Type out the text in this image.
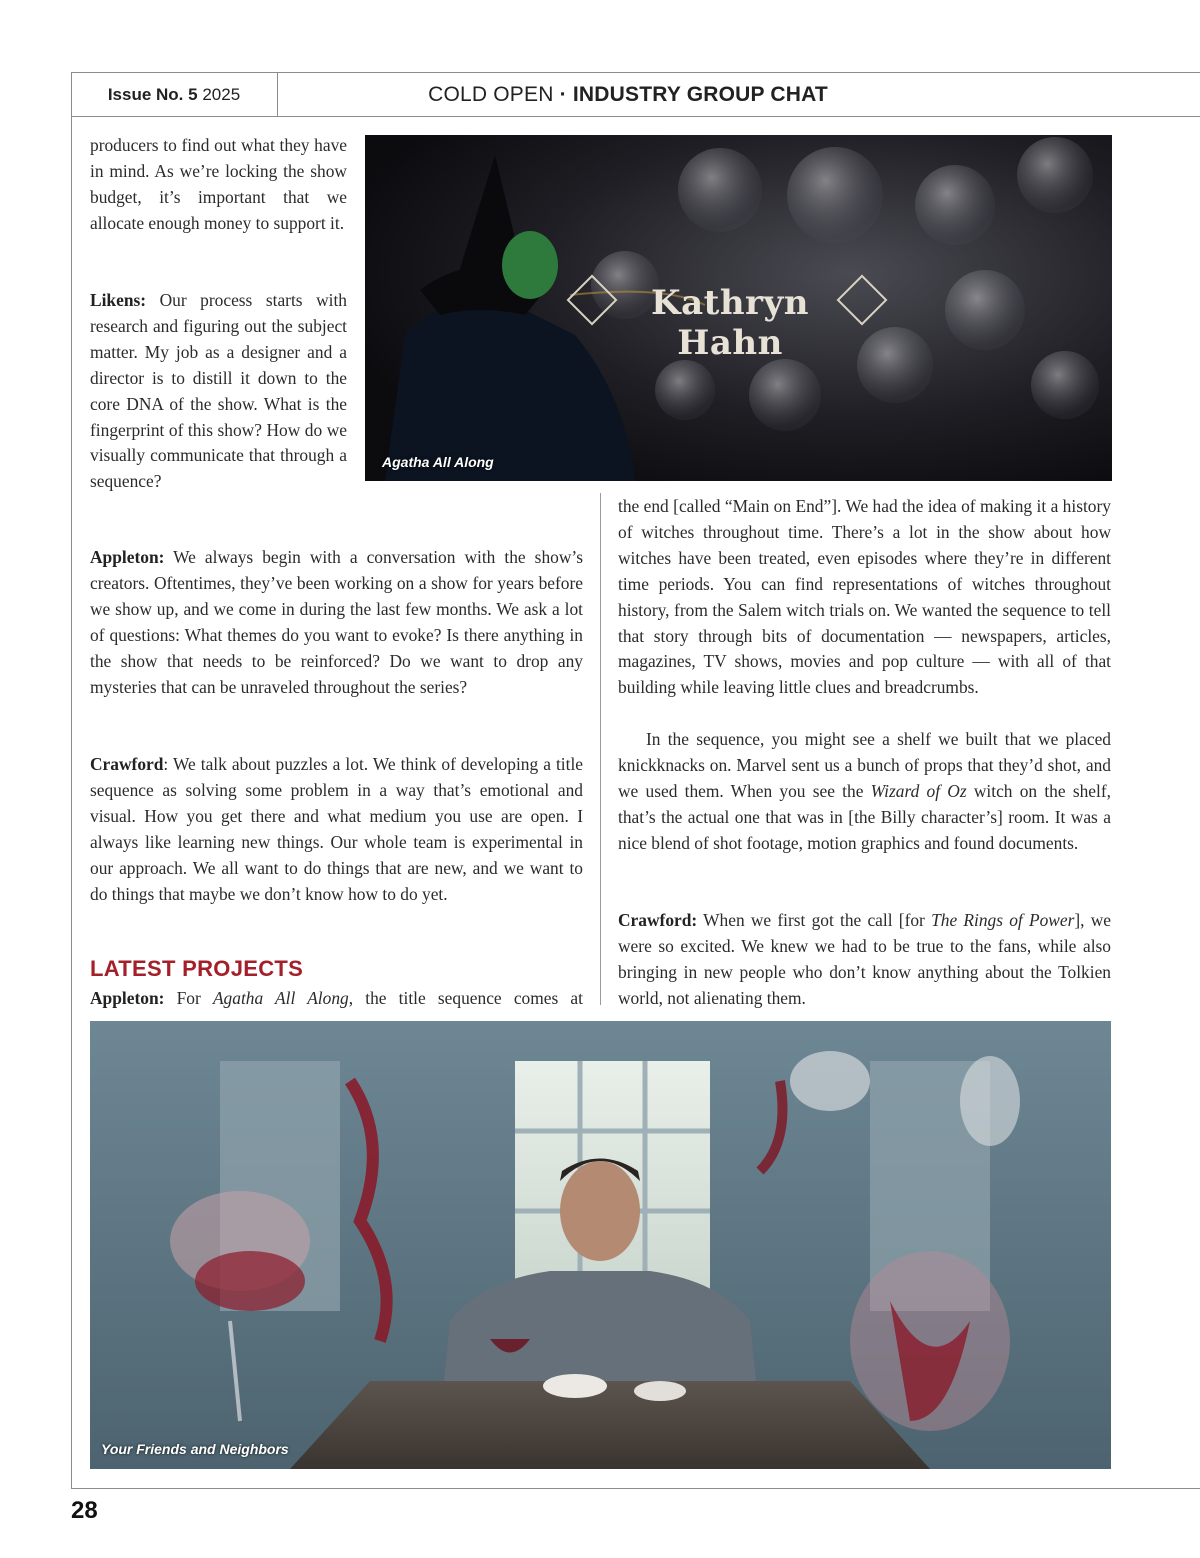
Issue No. 5 2025	COLD OPEN · INDUSTRY GROUP CHAT
Kathryn Hahn
Agatha All Along

producers to find out what they have in mind. As we’re locking the show budget, it’s important that we allocate enough money to support it.

Likens: Our process starts with research and figuring out the subject matter. My job as a designer and a director is to distill it down to the core DNA of the show. What is the fingerprint of this show? How do we visually communicate that through a sequence?

Appleton: We always begin with a conversation with the show’s creators. Oftentimes, they’ve been working on a show for years before we show up, and we come in during the last few months. We ask a lot of questions: What themes do you want to evoke? Is there anything in the show that needs to be reinforced? Do we want to drop any mysteries that can be unraveled throughout the series?

Crawford: We talk about puzzles a lot. We think of developing a title sequence as solving some problem in a way that’s emotional and visual. How you get there and what medium you use are open. I always like learning new things. Our whole team is experimental in our approach. We all want to do things that are new, and we want to do things that maybe we don’t know how to do yet.

LATEST PROJECTS

Appleton: For Agatha All Along, the title sequence comes at

the end [called “Main on End”]. We had the idea of making it a history of witches throughout time. There’s a lot in the show about how witches have been treated, even episodes where they’re in different time periods. You can find representations of witches throughout history, from the Salem witch trials on. We wanted the sequence to tell that story through bits of documentation — newspapers, articles, magazines, TV shows, movies and pop culture — with all of that building while leaving little clues and breadcrumbs.

In the sequence, you might see a shelf we built that we placed knickknacks on. Marvel sent us a bunch of props that they’d shot, and we used them. When you see the Wizard of Oz witch on the shelf, that’s the actual one that was in [the Billy character’s] room. It was a nice blend of shot footage, motion graphics and found documents.

Crawford: When we first got the call [for The Rings of Power], we were so excited. We knew we had to be true to the fans, while also bringing in new people who don’t know anything about the Tolkien world, not alienating them.

Your Friends and Neighbors
28
